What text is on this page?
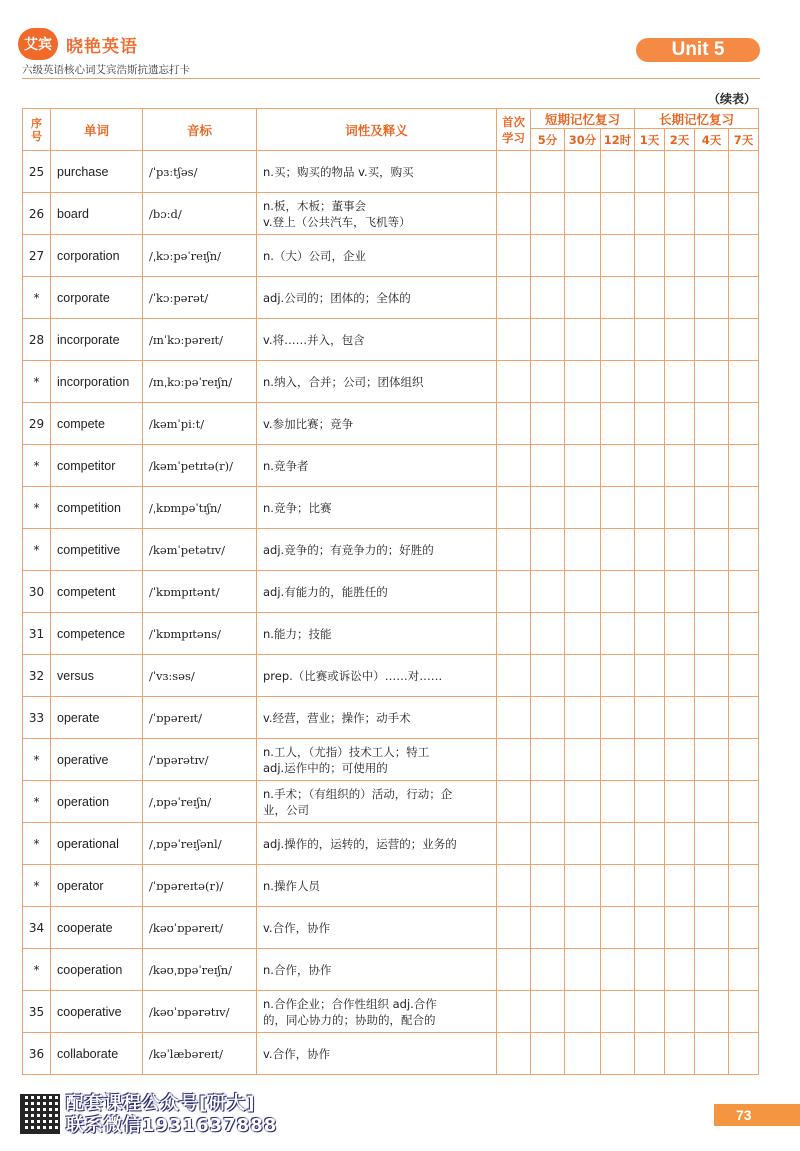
艾宾 晓艳英语
六级英语核心词艾宾浩斯抗遗忘打卡
Unit 5
（续表）
序号	单词	音标	词性及释义	首次学习	短期记忆复习			长期记忆复习			
					5分	30分	12时	1天	2天	4天	7天
25	purchase	/ˈpɜːtʃəs/	n.买；购买的物品 v.买，购买								
26	board	/bɔːd/	n.板，木板；董事会
v.登上（公共汽车，飞机等）								
27	corporation	/ˌkɔːpəˈreɪʃn/	n.（大）公司，企业								
*	corporate	/ˈkɔːpərət/	adj.公司的；团体的；全体的								
28	incorporate	/ɪnˈkɔːpəreɪt/	v.将……并入，包含								
*	incorporation	/ɪnˌkɔːpəˈreɪʃn/	n.纳入，合并；公司；团体组织								
29	compete	/kəmˈpiːt/	v.参加比赛；竞争								
*	competitor	/kəmˈpetɪtə(r)/	n.竞争者								
*	competition	/ˌkɒmpəˈtɪʃn/	n.竞争；比赛								
*	competitive	/kəmˈpetətɪv/	adj.竞争的；有竞争力的；好胜的								
30	competent	/ˈkɒmpɪtənt/	adj.有能力的，能胜任的								
31	competence	/ˈkɒmpɪtəns/	n.能力；技能								
32	versus	/ˈvɜːsəs/	prep.（比赛或诉讼中）……对……								
33	operate	/ˈɒpəreɪt/	v.经营，营业；操作；动手术								
*	operative	/ˈɒpərətɪv/	n.工人，（尤指）技术工人；特工
adj.运作中的；可使用的								
*	operation	/ˌɒpəˈreɪʃn/	n.手术；（有组织的）活动，行动；企
业，公司								
*	operational	/ˌɒpəˈreɪʃənl/	adj.操作的，运转的，运营的；业务的								
*	operator	/ˈɒpəreɪtə(r)/	n.操作人员								
34	cooperate	/kəʊˈɒpəreɪt/	v.合作，协作								
*	cooperation	/kəʊˌɒpəˈreɪʃn/	n.合作，协作								
35	cooperative	/kəʊˈɒpərətɪv/	n.合作企业；合作性组织 adj.合作
的，同心协力的；协助的，配合的								
36	collaborate	/kəˈlæbəreɪt/	v.合作，协作								
配套课程公众号[研大]
联系微信1931637888	73
